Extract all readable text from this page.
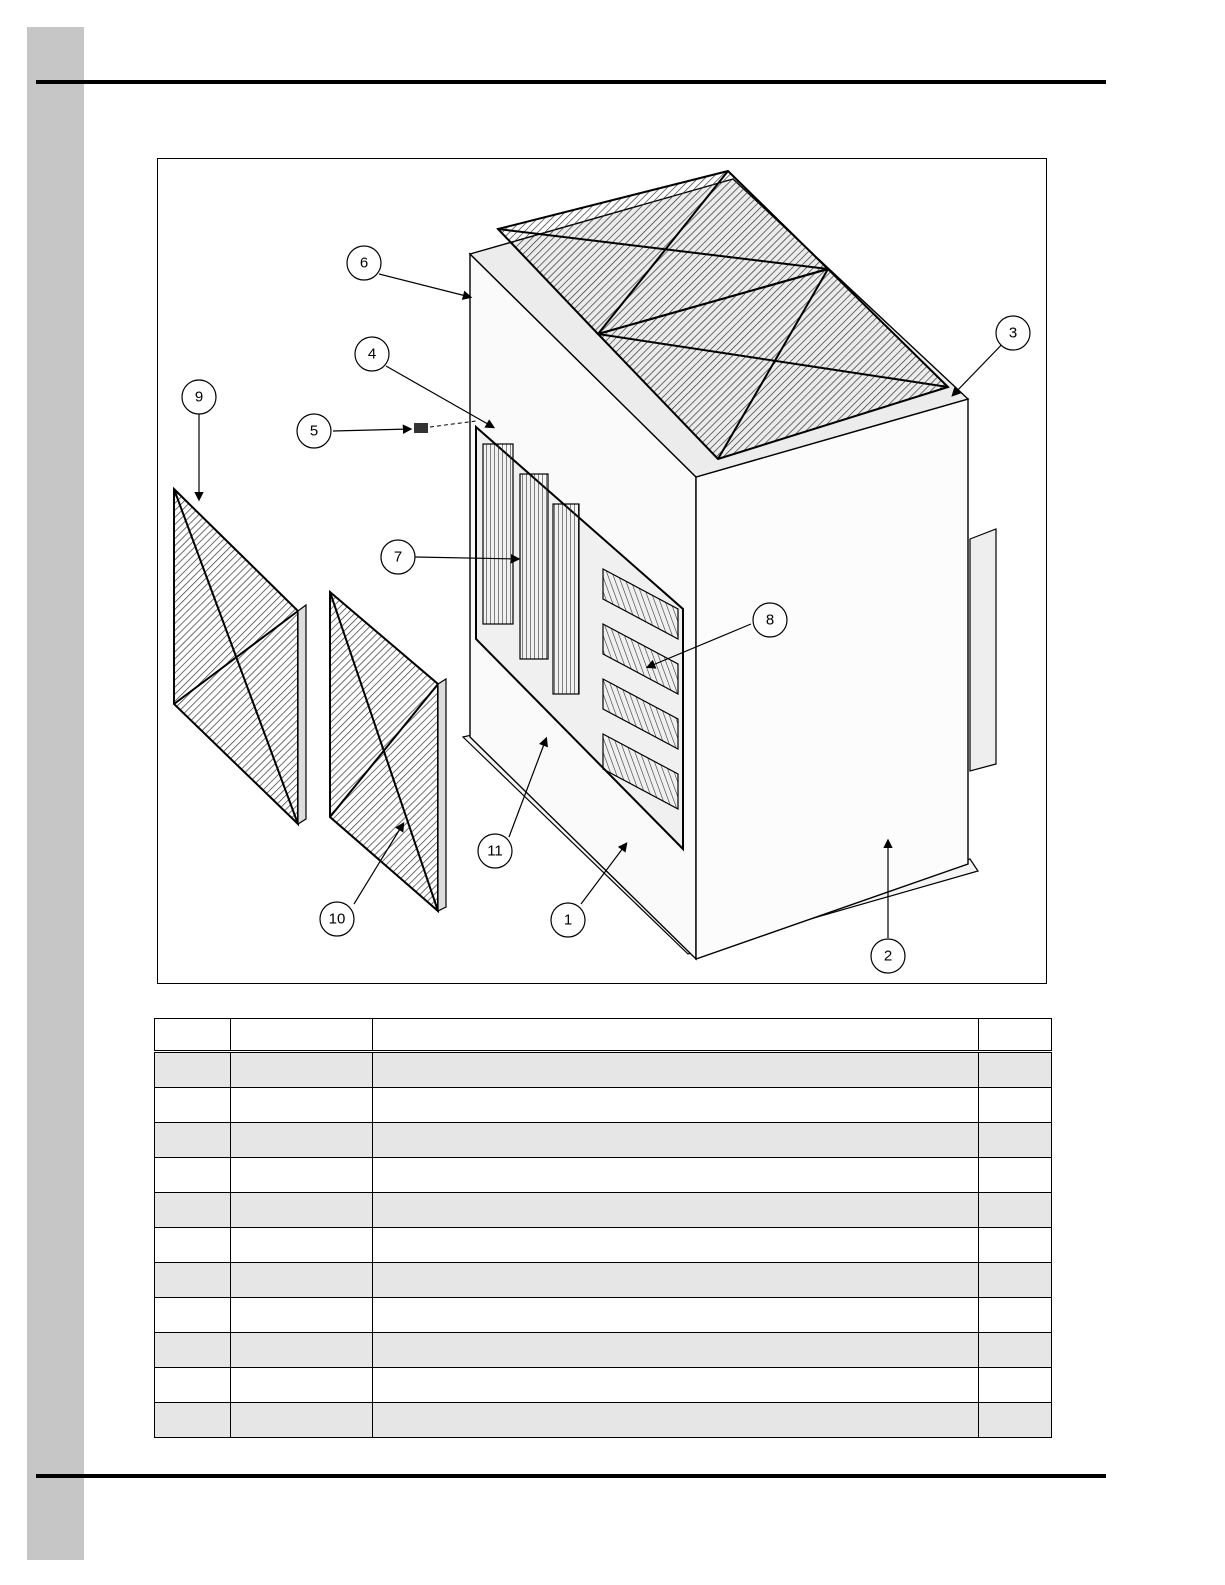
1
2
3
4
5
6
7
8
9
10
11
